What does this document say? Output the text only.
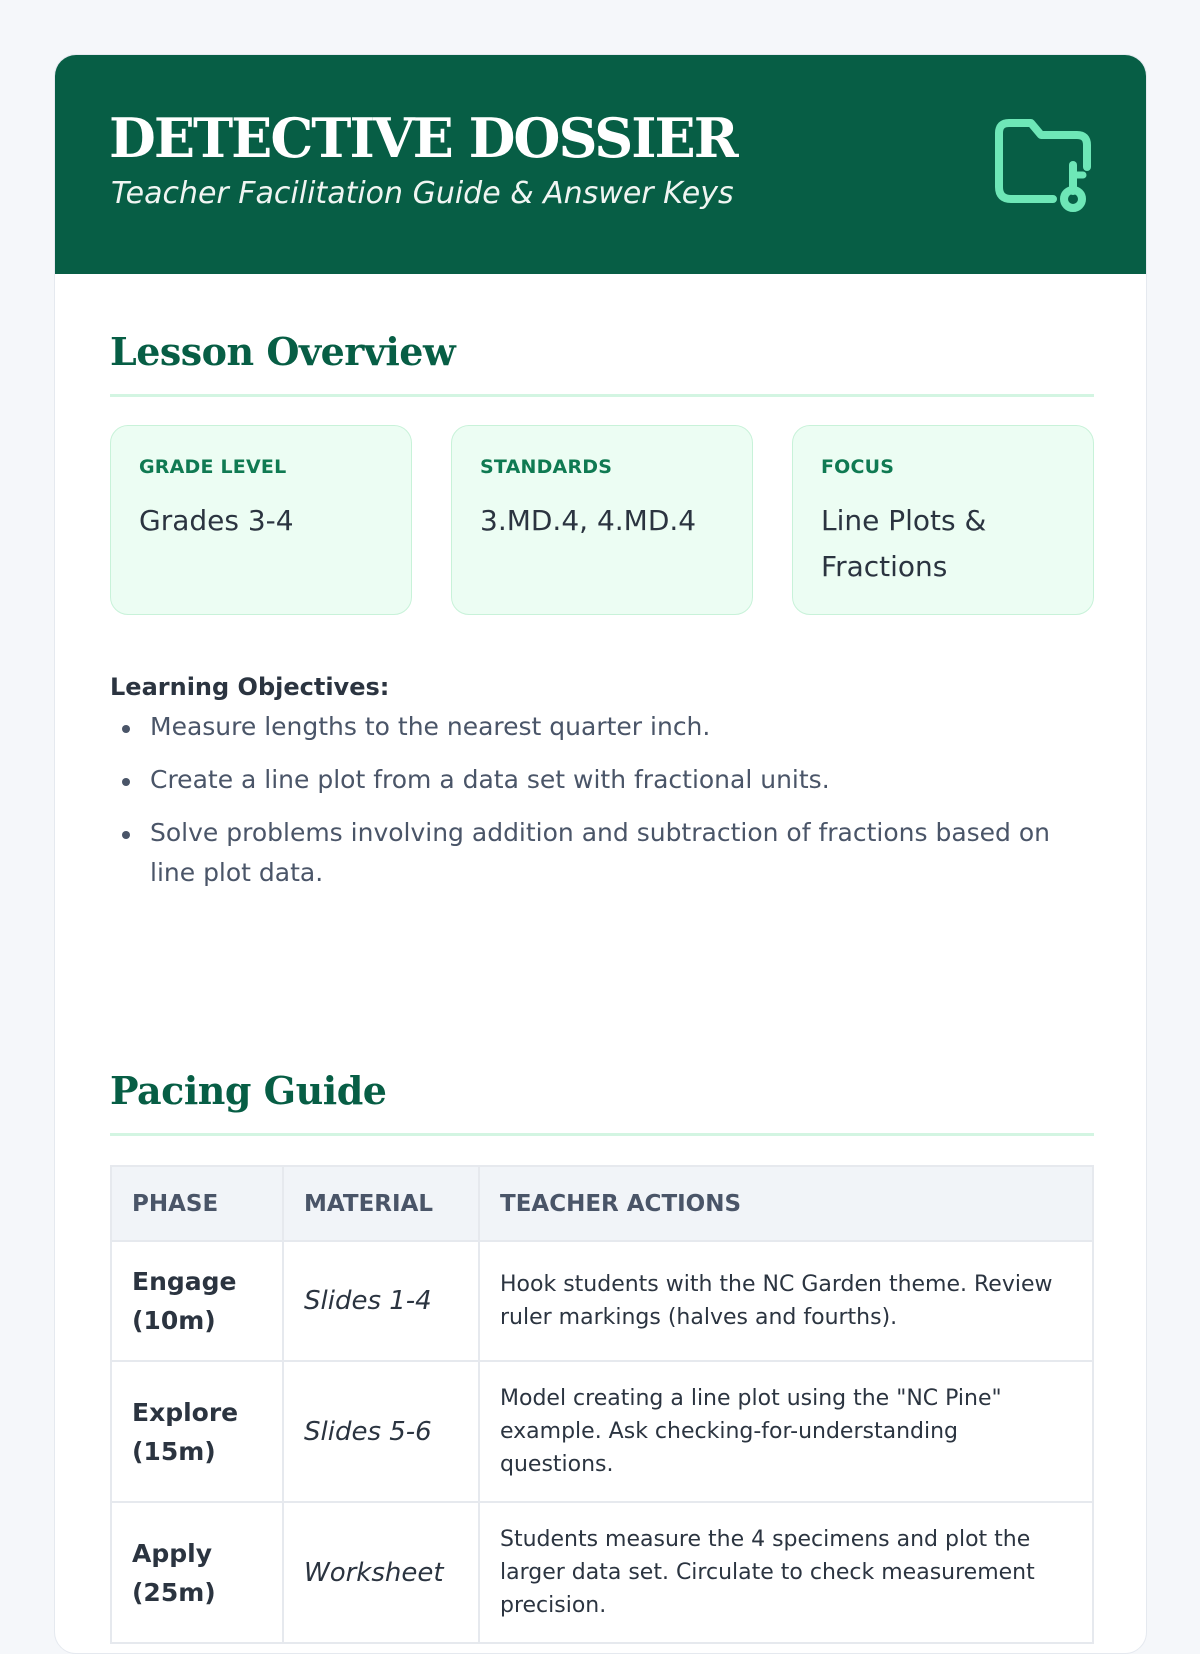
DETECTIVE DOSSIER
Teacher Facilitation Guide & Answer Keys
Lesson Overview
GRADE LEVEL
Grades 3-4
STANDARDS
3.MD.4, 4.MD.4
FOCUS
Line Plots & Fractions
Learning Objectives:
Measure lengths to the nearest quarter inch.
Create a line plot from a data set with fractional units.
Solve problems involving addition and subtraction of fractions based on line plot data.
Pacing Guide
PHASE	MATERIAL	TEACHER ACTIONS
Engage (10m)	Slides 1-4	Hook students with the NC Garden theme. Review ruler markings (halves and fourths).
Explore (15m)	Slides 5-6	Model creating a line plot using the "NC Pine" example. Ask checking-for-understanding questions.
Apply (25m)	Worksheet	Students measure the 4 specimens and plot the larger data set. Circulate to check measurement precision.
